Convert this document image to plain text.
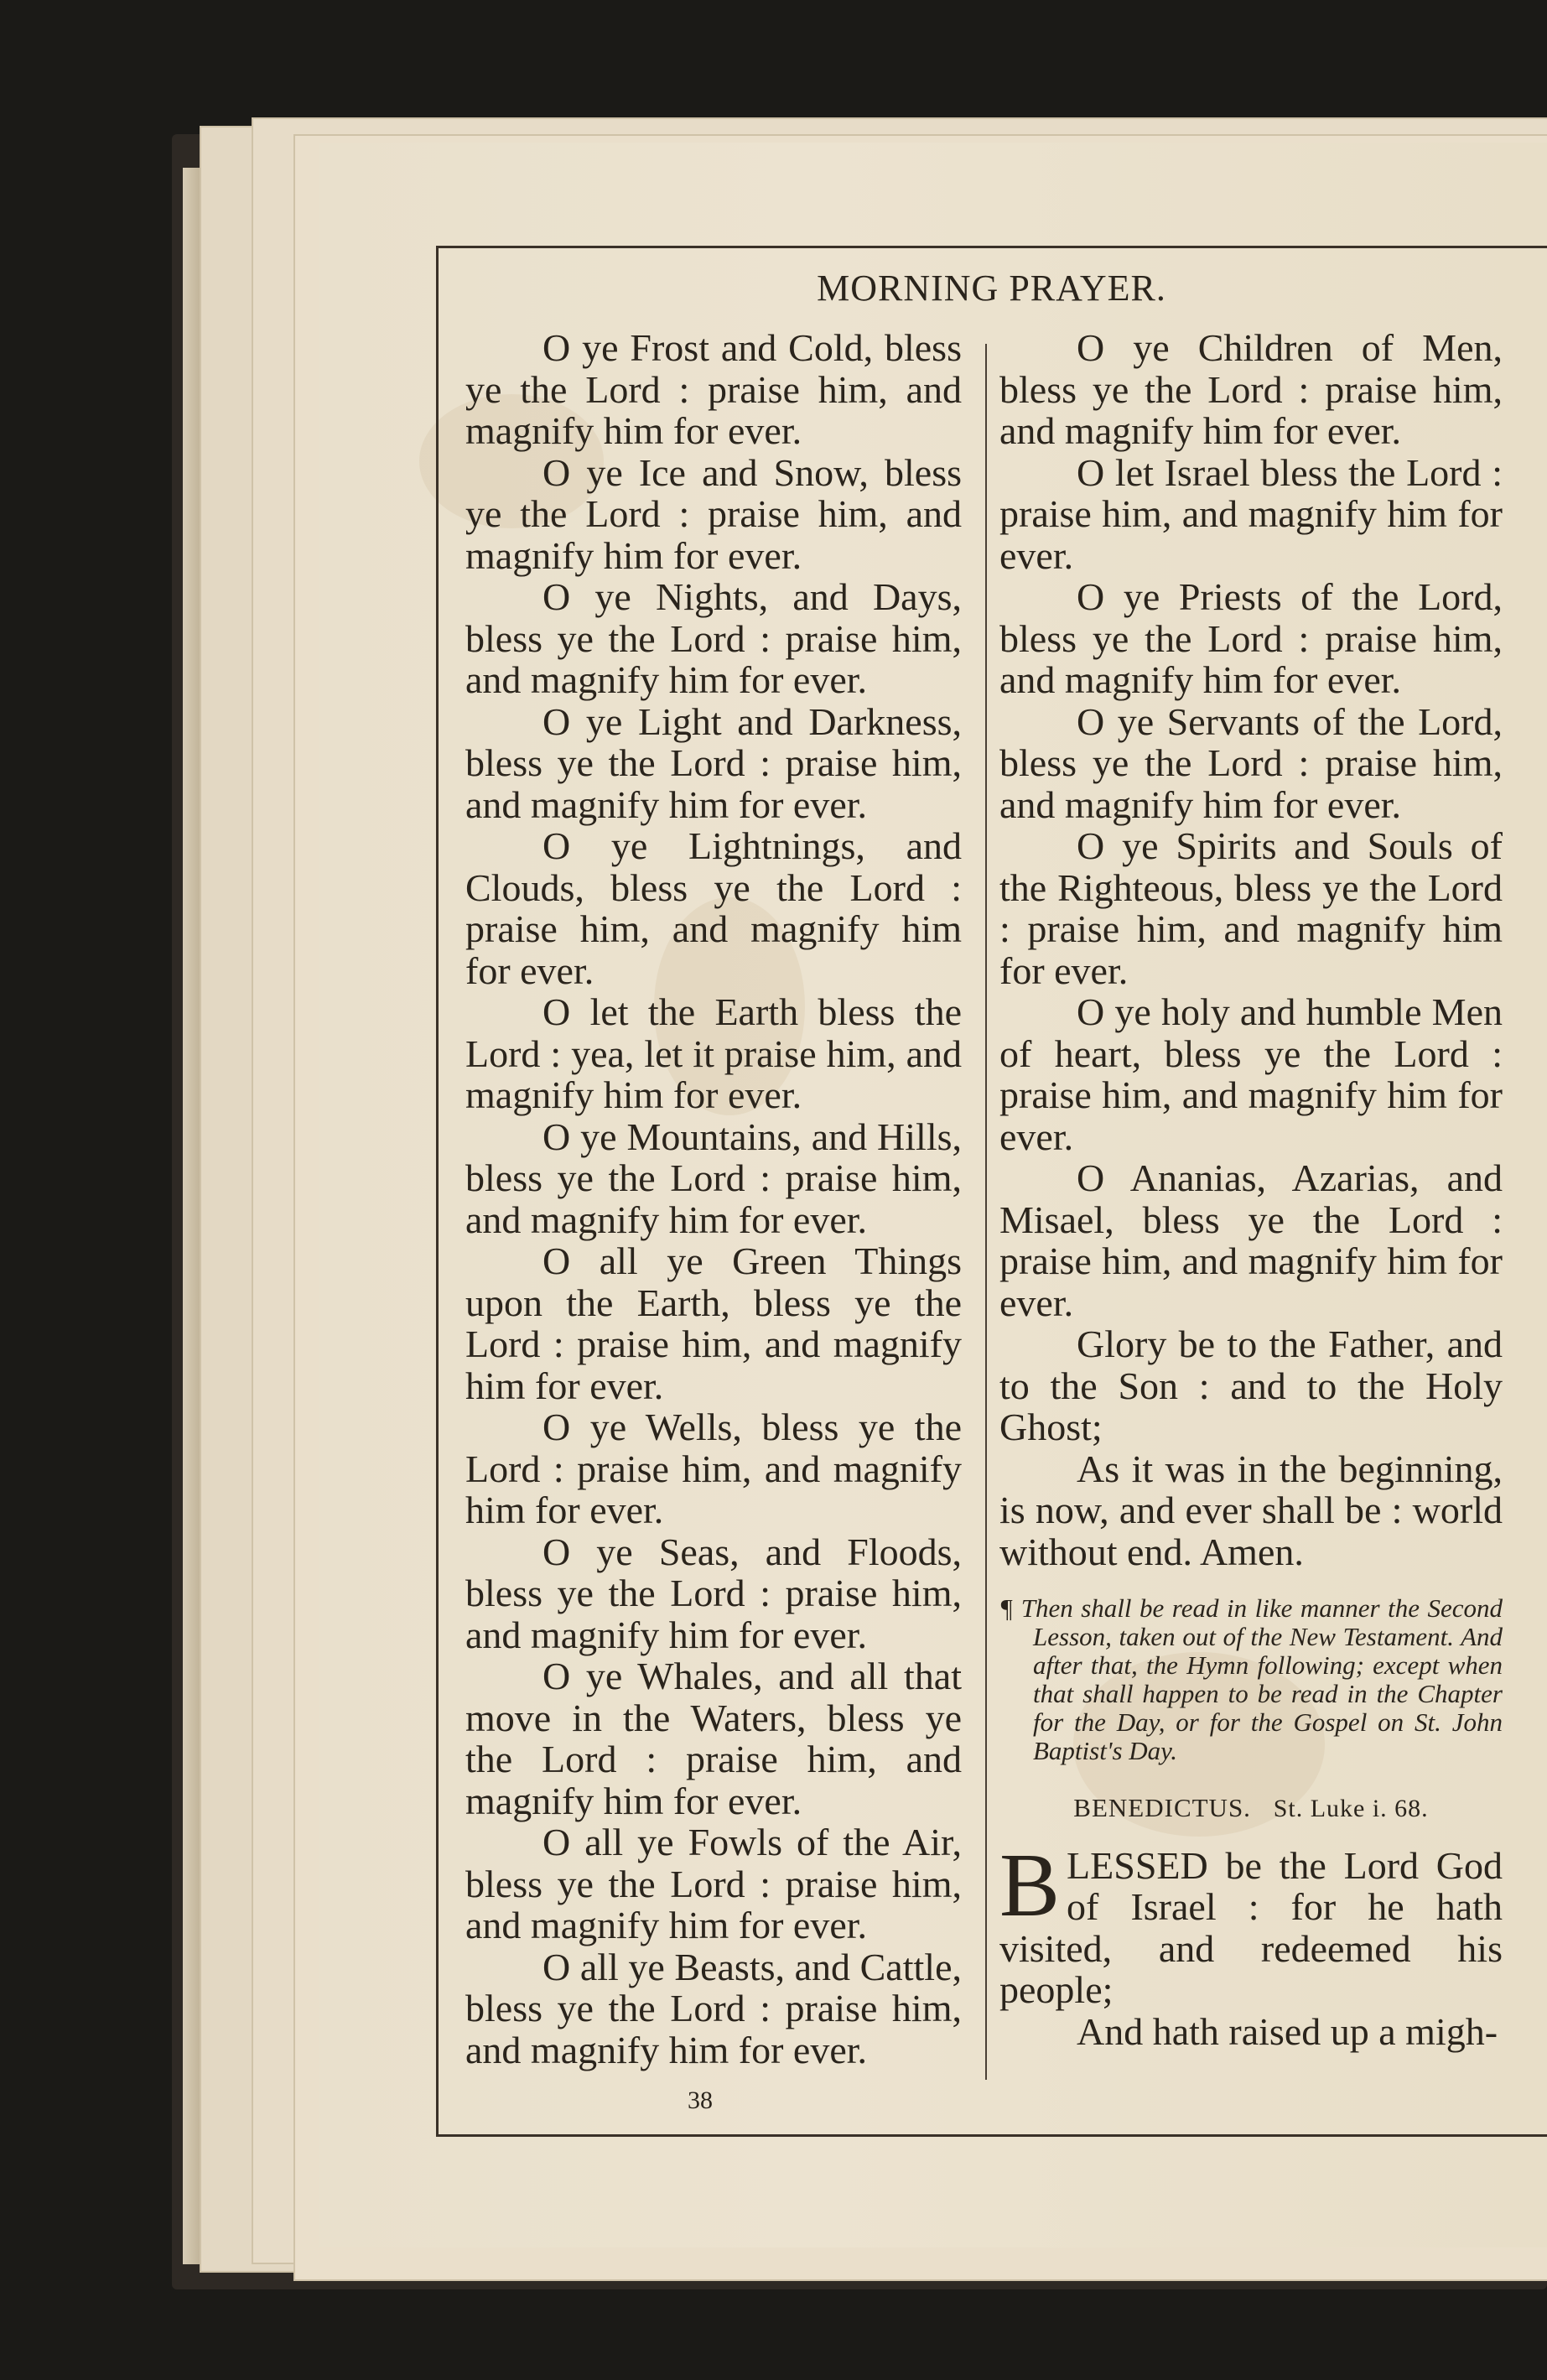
MORNING PRAYER.

O ye Frost and Cold, bless ye the Lord : praise him, and magnify him for ever.

O ye Ice and Snow, bless ye the Lord : praise him, and magnify him for ever.

O ye Nights, and Days, bless ye the Lord : praise him, and magnify him for ever.

O ye Light and Darkness, bless ye the Lord : praise him, and magnify him for ever.

O ye Lightnings, and Clouds, bless ye the Lord : praise him, and magnify him for ever.

O let the Earth bless the Lord : yea, let it praise him, and magnify him for ever.

O ye Mountains, and Hills, bless ye the Lord : praise him, and magnify him for ever.

O all ye Green Things upon the Earth, bless ye the Lord : praise him, and magnify him for ever.

O ye Wells, bless ye the Lord : praise him, and magnify him for ever.

O ye Seas, and Floods, bless ye the Lord : praise him, and magnify him for ever.

O ye Whales, and all that move in the Waters, bless ye the Lord : praise him, and magnify him for ever.

O all ye Fowls of the Air, bless ye the Lord : praise him, and magnify him for ever.

O all ye Beasts, and Cattle, bless ye the Lord : praise him, and magnify him for ever.

O ye Children of Men, bless ye the Lord : praise him, and magnify him for ever.

O let Israel bless the Lord : praise him, and magnify him for ever.

O ye Priests of the Lord, bless ye the Lord : praise him, and magnify him for ever.

O ye Servants of the Lord, bless ye the Lord : praise him, and magnify him for ever.

O ye Spirits and Souls of the Righteous, bless ye the Lord : praise him, and magnify him for ever.

O ye holy and humble Men of heart, bless ye the Lord : praise him, and magnify him for ever.

O Ananias, Azarias, and Misael, bless ye the Lord : praise him, and magnify him for ever.

Glory be to the Father, and to the Son : and to the Holy Ghost;

As it was in the beginning, is now, and ever shall be : world without end. Amen.

¶ Then shall be read in like manner the Second Lesson, taken out of the New Testament. And after that, the Hymn following; except when that shall happen to be read in the Chapter for the Day, or for the Gospel on St. John Baptist's Day.
BENEDICTUS. St. Luke i. 68.

B LESSED be the Lord God of Israel : for he hath visited, and redeemed his people;

And hath raised up a migh-

38
